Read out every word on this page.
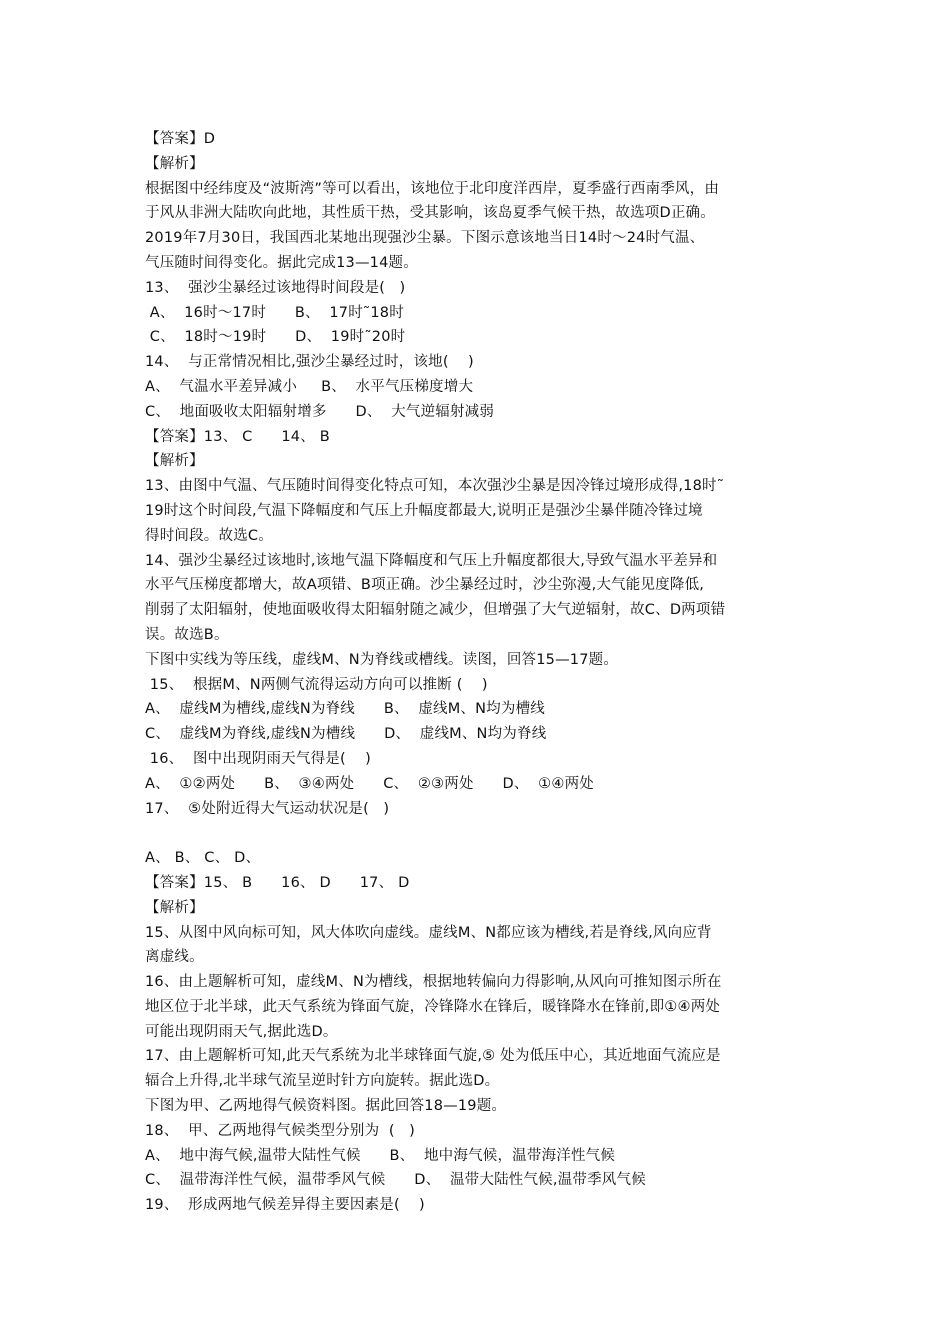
【答案】D
【解析】
根据图中经纬度及“波斯湾”等可以看出，该地位于北印度洋西岸，夏季盛行西南季风，由
于风从非洲大陆吹向此地，其性质干热，受其影响，该岛夏季气候干热，故选项D正确。
2019年7月30日，我国西北某地出现强沙尘暴。下图示意该地当日14时～24时气温、
气压随时间得变化。据此完成13—14题。
13、  强沙尘暴经过该地得时间段是(   )
A、  16时～17时      B、  17时˜18时
C、  18时～19时      D、  19时˜20时
14、  与正常情况相比,强沙尘暴经过时，该地(    )
A、  气温水平差异减小     B、  水平气压梯度增大
C、  地面吸收太阳辐射增多      D、  大气逆辐射减弱
【答案】13、 C      14、 B
【解析】
13、由图中气温、气压随时间得变化特点可知，本次强沙尘暴是因冷锋过境形成得,18时˜
19时这个时间段,气温下降幅度和气压上升幅度都最大,说明正是强沙尘暴伴随冷锋过境
得时间段。故选C。
14、强沙尘暴经过该地时,该地气温下降幅度和气压上升幅度都很大,导致气温水平差异和
水平气压梯度都增大，故A项错、B项正确。沙尘暴经过时，沙尘弥漫,大气能见度降低,
削弱了太阳辐射，使地面吸收得太阳辐射随之减少，但增强了大气逆辐射，故C、D两项错
误。故选B。
下图中实线为等压线，虚线M、N为脊线或槽线。读图，回答15—17题。
15、  根据M、N两侧气流得运动方向可以推断 (    )
A、  虚线M为槽线,虚线N为脊线      B、  虚线M、N均为槽线
C、  虚线M为脊线,虚线N为槽线      D、  虚线M、N均为脊线
16、  图中出现阴雨天气得是(    )
A、  ①②两处      B、  ③④两处      C、  ②③两处      D、  ①④两处
17、  ⑤处附近得大气运动状况是(   )
A、 B、 C、 D、
【答案】15、 B      16、 D      17、 D
【解析】
15、从图中风向标可知，风大体吹向虚线。虚线M、N都应该为槽线,若是脊线,风向应背
离虚线。
16、由上题解析可知，虚线M、N为槽线，根据地转偏向力得影响,从风向可推知图示所在
地区位于北半球，此天气系统为锋面气旋，冷锋降水在锋后，暖锋降水在锋前,即①④两处
可能出现阴雨天气,据此选D。
17、由上题解析可知,此天气系统为北半球锋面气旋,⑤ 处为低压中心，其近地面气流应是
辐合上升得,北半球气流呈逆时针方向旋转。据此选D。
下图为甲、乙两地得气候资料图。据此回答18—19题。
18、  甲、乙两地得气候类型分别为  (   )
A、  地中海气候,温带大陆性气候      B、  地中海气候，温带海洋性气候
C、  温带海洋性气候，温带季风气候      D、  温带大陆性气候,温带季风气候
19、  形成两地气候差异得主要因素是(    )
